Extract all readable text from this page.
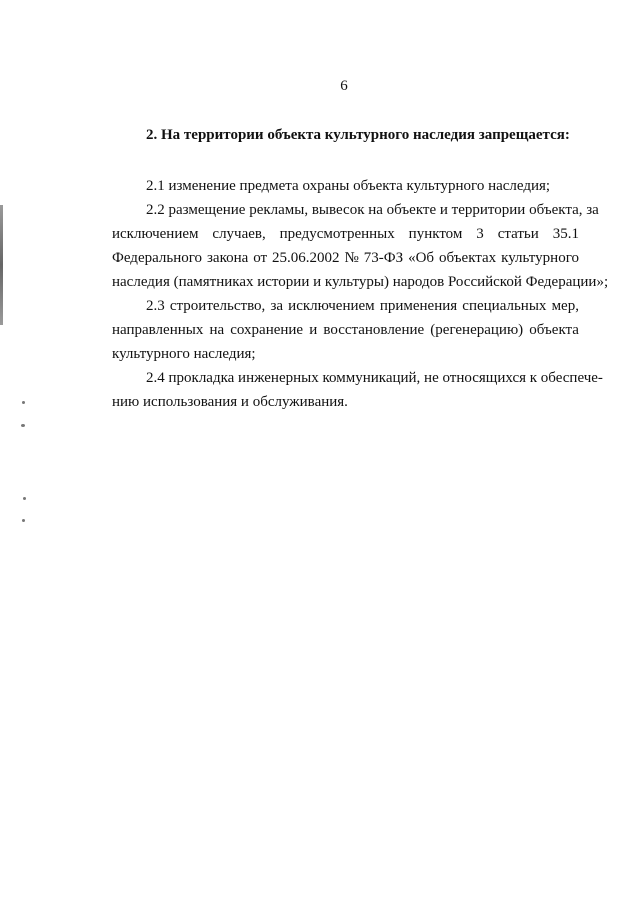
6
2. На территории объекта культурного наследия запрещается:
2.1 изменение предмета охраны объекта культурного наследия;
2.2 размещение рекламы, вывесок на объекте и территории объекта, за
исключением случаев, предусмотренных пунктом 3 статьи 35.1
Федерального закона от 25.06.2002 № 73-ФЗ «Об объектах культурного
наследия (памятниках истории и культуры) народов Российской Федерации»;
2.3 строительство, за исключением применения специальных мер,
направленных на сохранение и восстановление (регенерацию) объекта
культурного наследия;
2.4 прокладка инженерных коммуникаций, не относящихся к обеспече-
нию использования и обслуживания.
